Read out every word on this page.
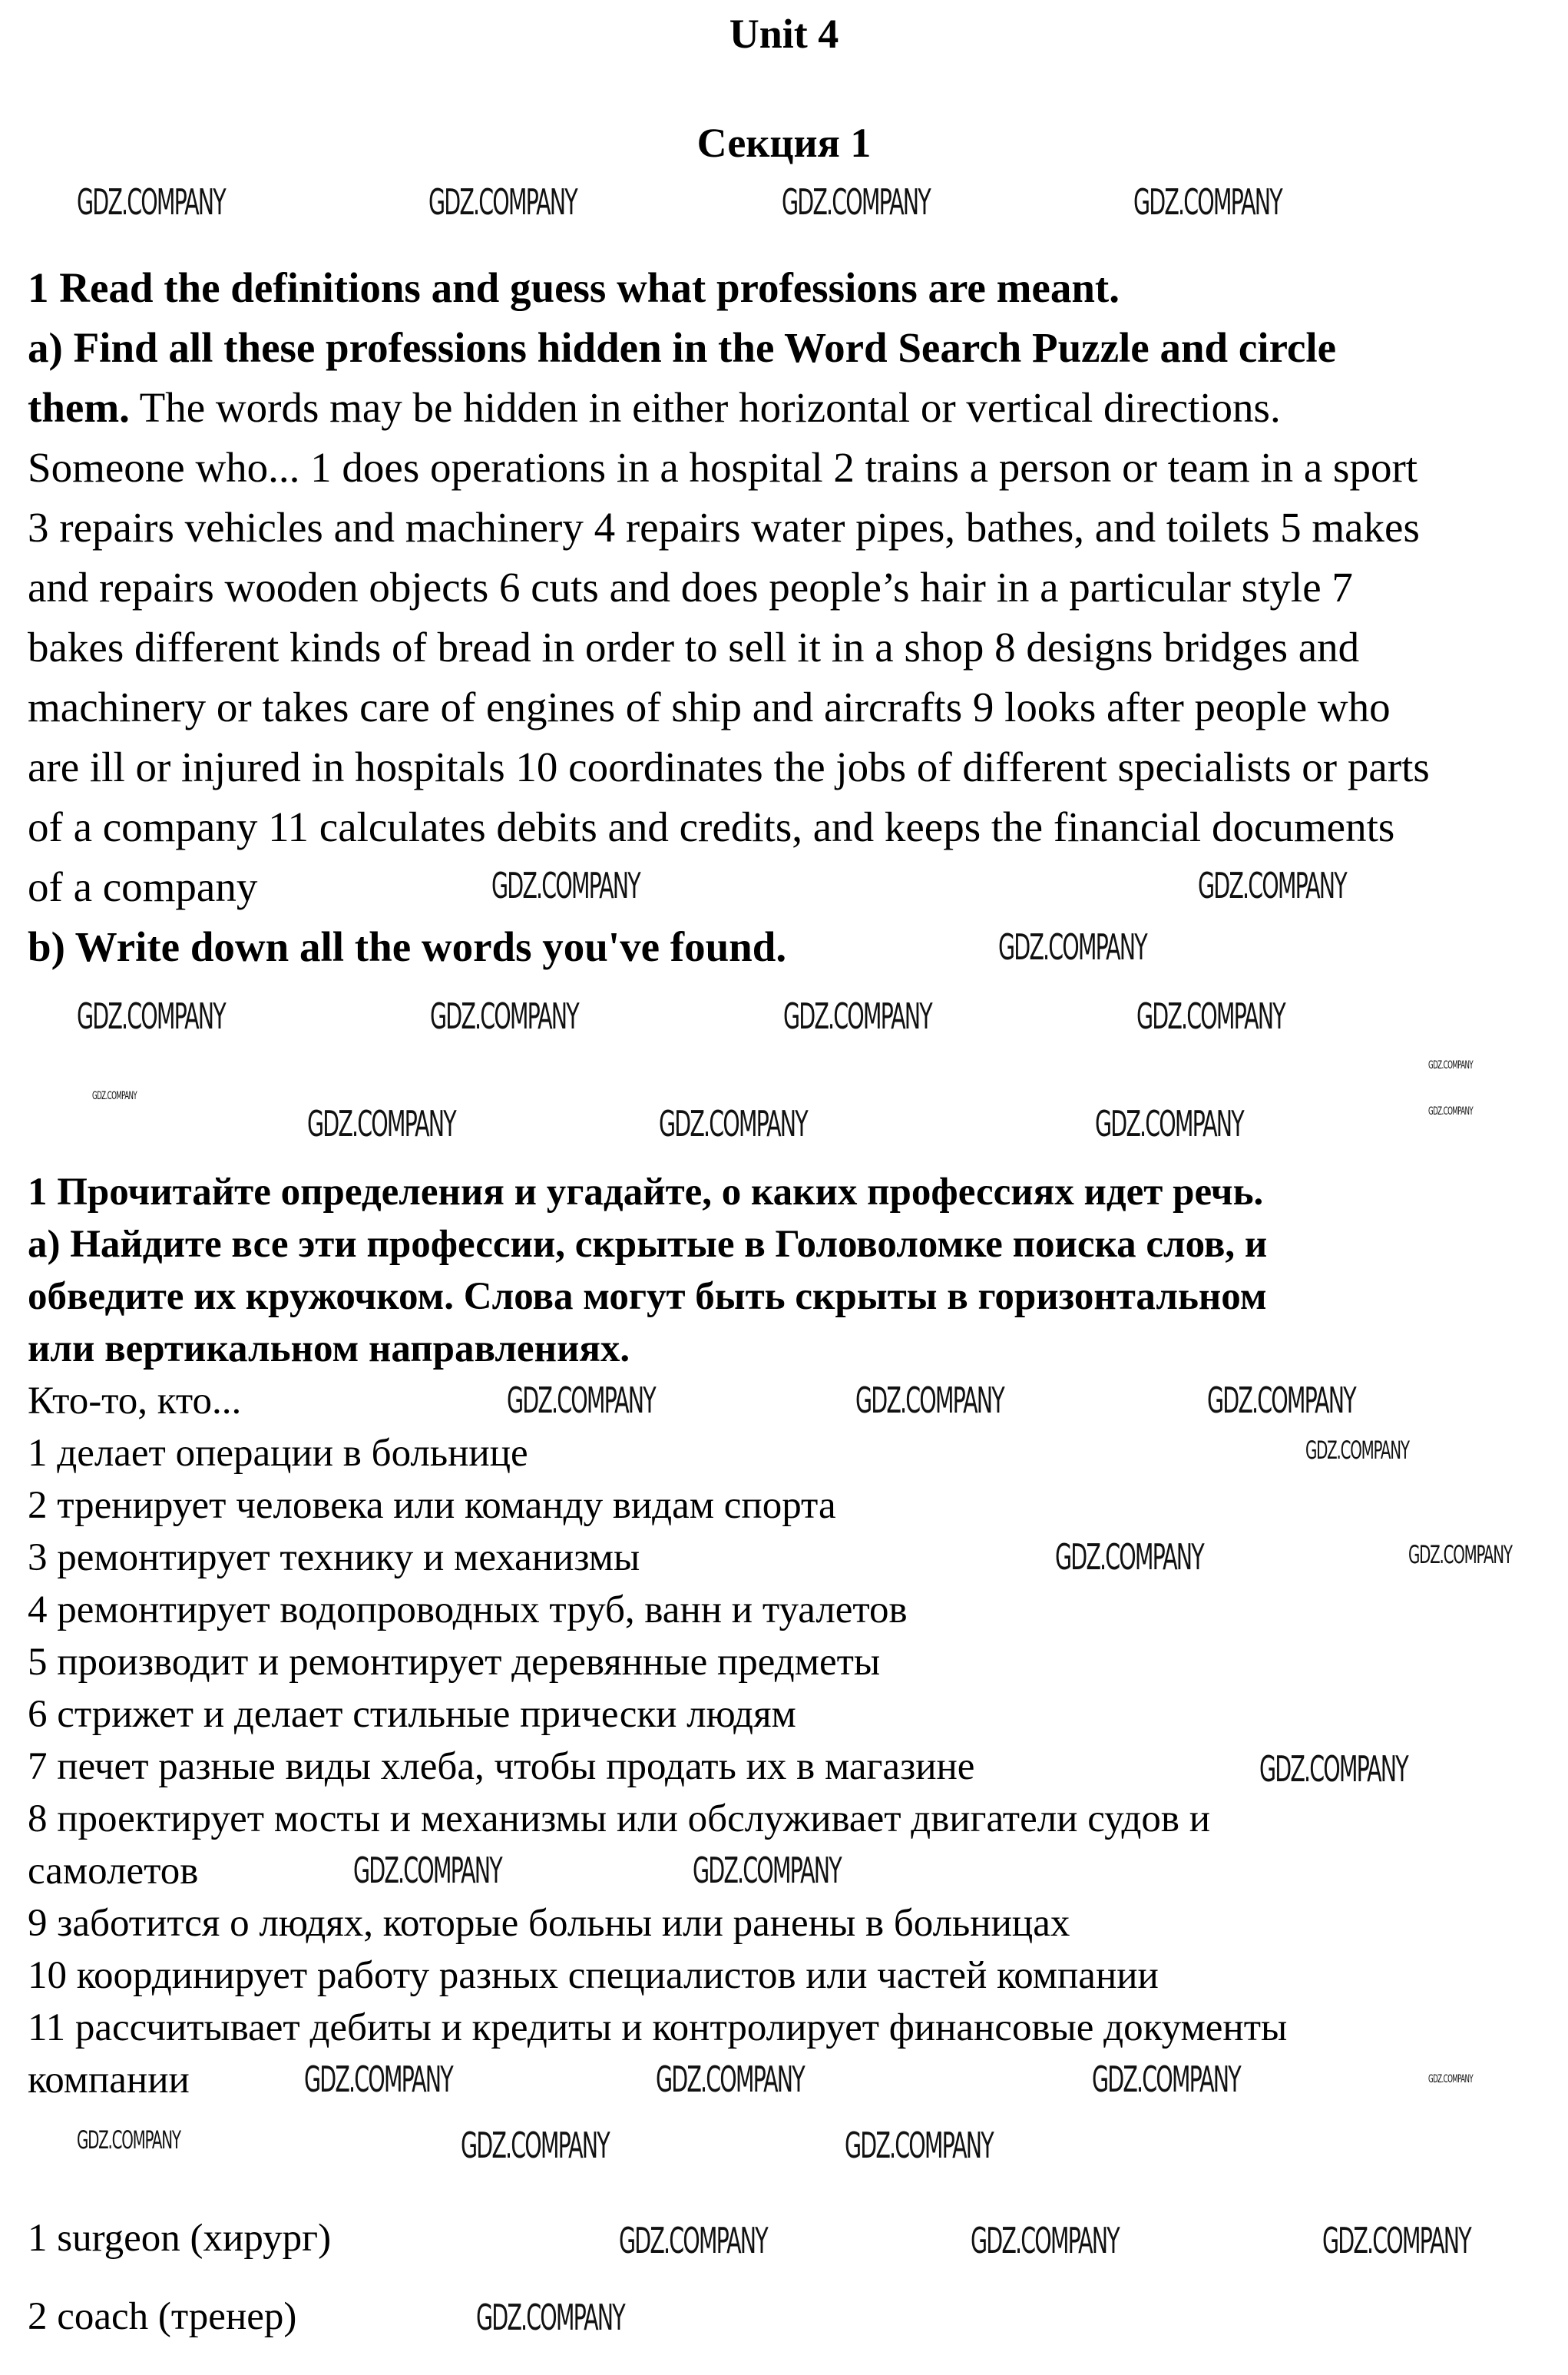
Unit 4
Секция 1
1 Read the definitions and guess what professions are meant.
a) Find all these professions hidden in the Word Search Puzzle and circle
them. The words may be hidden in either horizontal or vertical directions.
Someone who... 1 does operations in a hospital 2 trains a person or team in a sport
3 repairs vehicles and machinery 4 repairs water pipes, bathes, and toilets 5 makes
and repairs wooden objects 6 cuts and does people’s hair in a particular style 7
bakes different kinds of bread in order to sell it in a shop 8 designs bridges and
machinery or takes care of engines of ship and aircrafts 9 looks after people who
are ill or injured in hospitals 10 coordinates the jobs of different specialists or parts
of a company 11 calculates debits and credits, and keeps the financial documents
of a company
b) Write down all the words you've found.
1 Прочитайте определения и угадайте, о каких профессиях идет речь.
а) Найдите все эти профессии, скрытые в Головоломке поиска слов, и
обведите их кружочком. Слова могут быть скрыты в горизонтальном
или вертикальном направлениях.
Кто-то, кто...
1 делает операции в больнице
2 тренирует человека или команду видам спорта
3 ремонтирует технику и механизмы
4 ремонтирует водопроводных труб, ванн и туалетов
5 производит и ремонтирует деревянные предметы
6 стрижет и делает стильные прически людям
7 печет разные виды хлеба, чтобы продать их в магазине
8 проектирует мосты и механизмы или обслуживает двигатели судов и
самолетов
9 заботится о людях, которые больны или ранены в больницах
10 координирует работу разных специалистов или частей компании
11 рассчитывает дебиты и кредиты и контролирует финансовые документы
компании
1 surgeon (хирург)
2 coach (тренер)
GDZ.COMPANY	GDZ.COMPANY	GDZ.COMPANY	GDZ.COMPANY
GDZ.COMPANY	GDZ.COMPANY
GDZ.COMPANY
GDZ.COMPANY	GDZ.COMPANY	GDZ.COMPANY	GDZ.COMPANY
GDZ.COMPANY
GDZ.COMPANY
GDZ.COMPANY
GDZ.COMPANY	GDZ.COMPANY	GDZ.COMPANY
GDZ.COMPANY	GDZ.COMPANY	GDZ.COMPANY
GDZ.COMPANY
GDZ.COMPANY	GDZ.COMPANY
GDZ.COMPANY
GDZ.COMPANY	GDZ.COMPANY
GDZ.COMPANY	GDZ.COMPANY	GDZ.COMPANY	GDZ.COMPANY
GDZ.COMPANY	GDZ.COMPANY	GDZ.COMPANY
GDZ.COMPANY	GDZ.COMPANY	GDZ.COMPANY
GDZ.COMPANY
